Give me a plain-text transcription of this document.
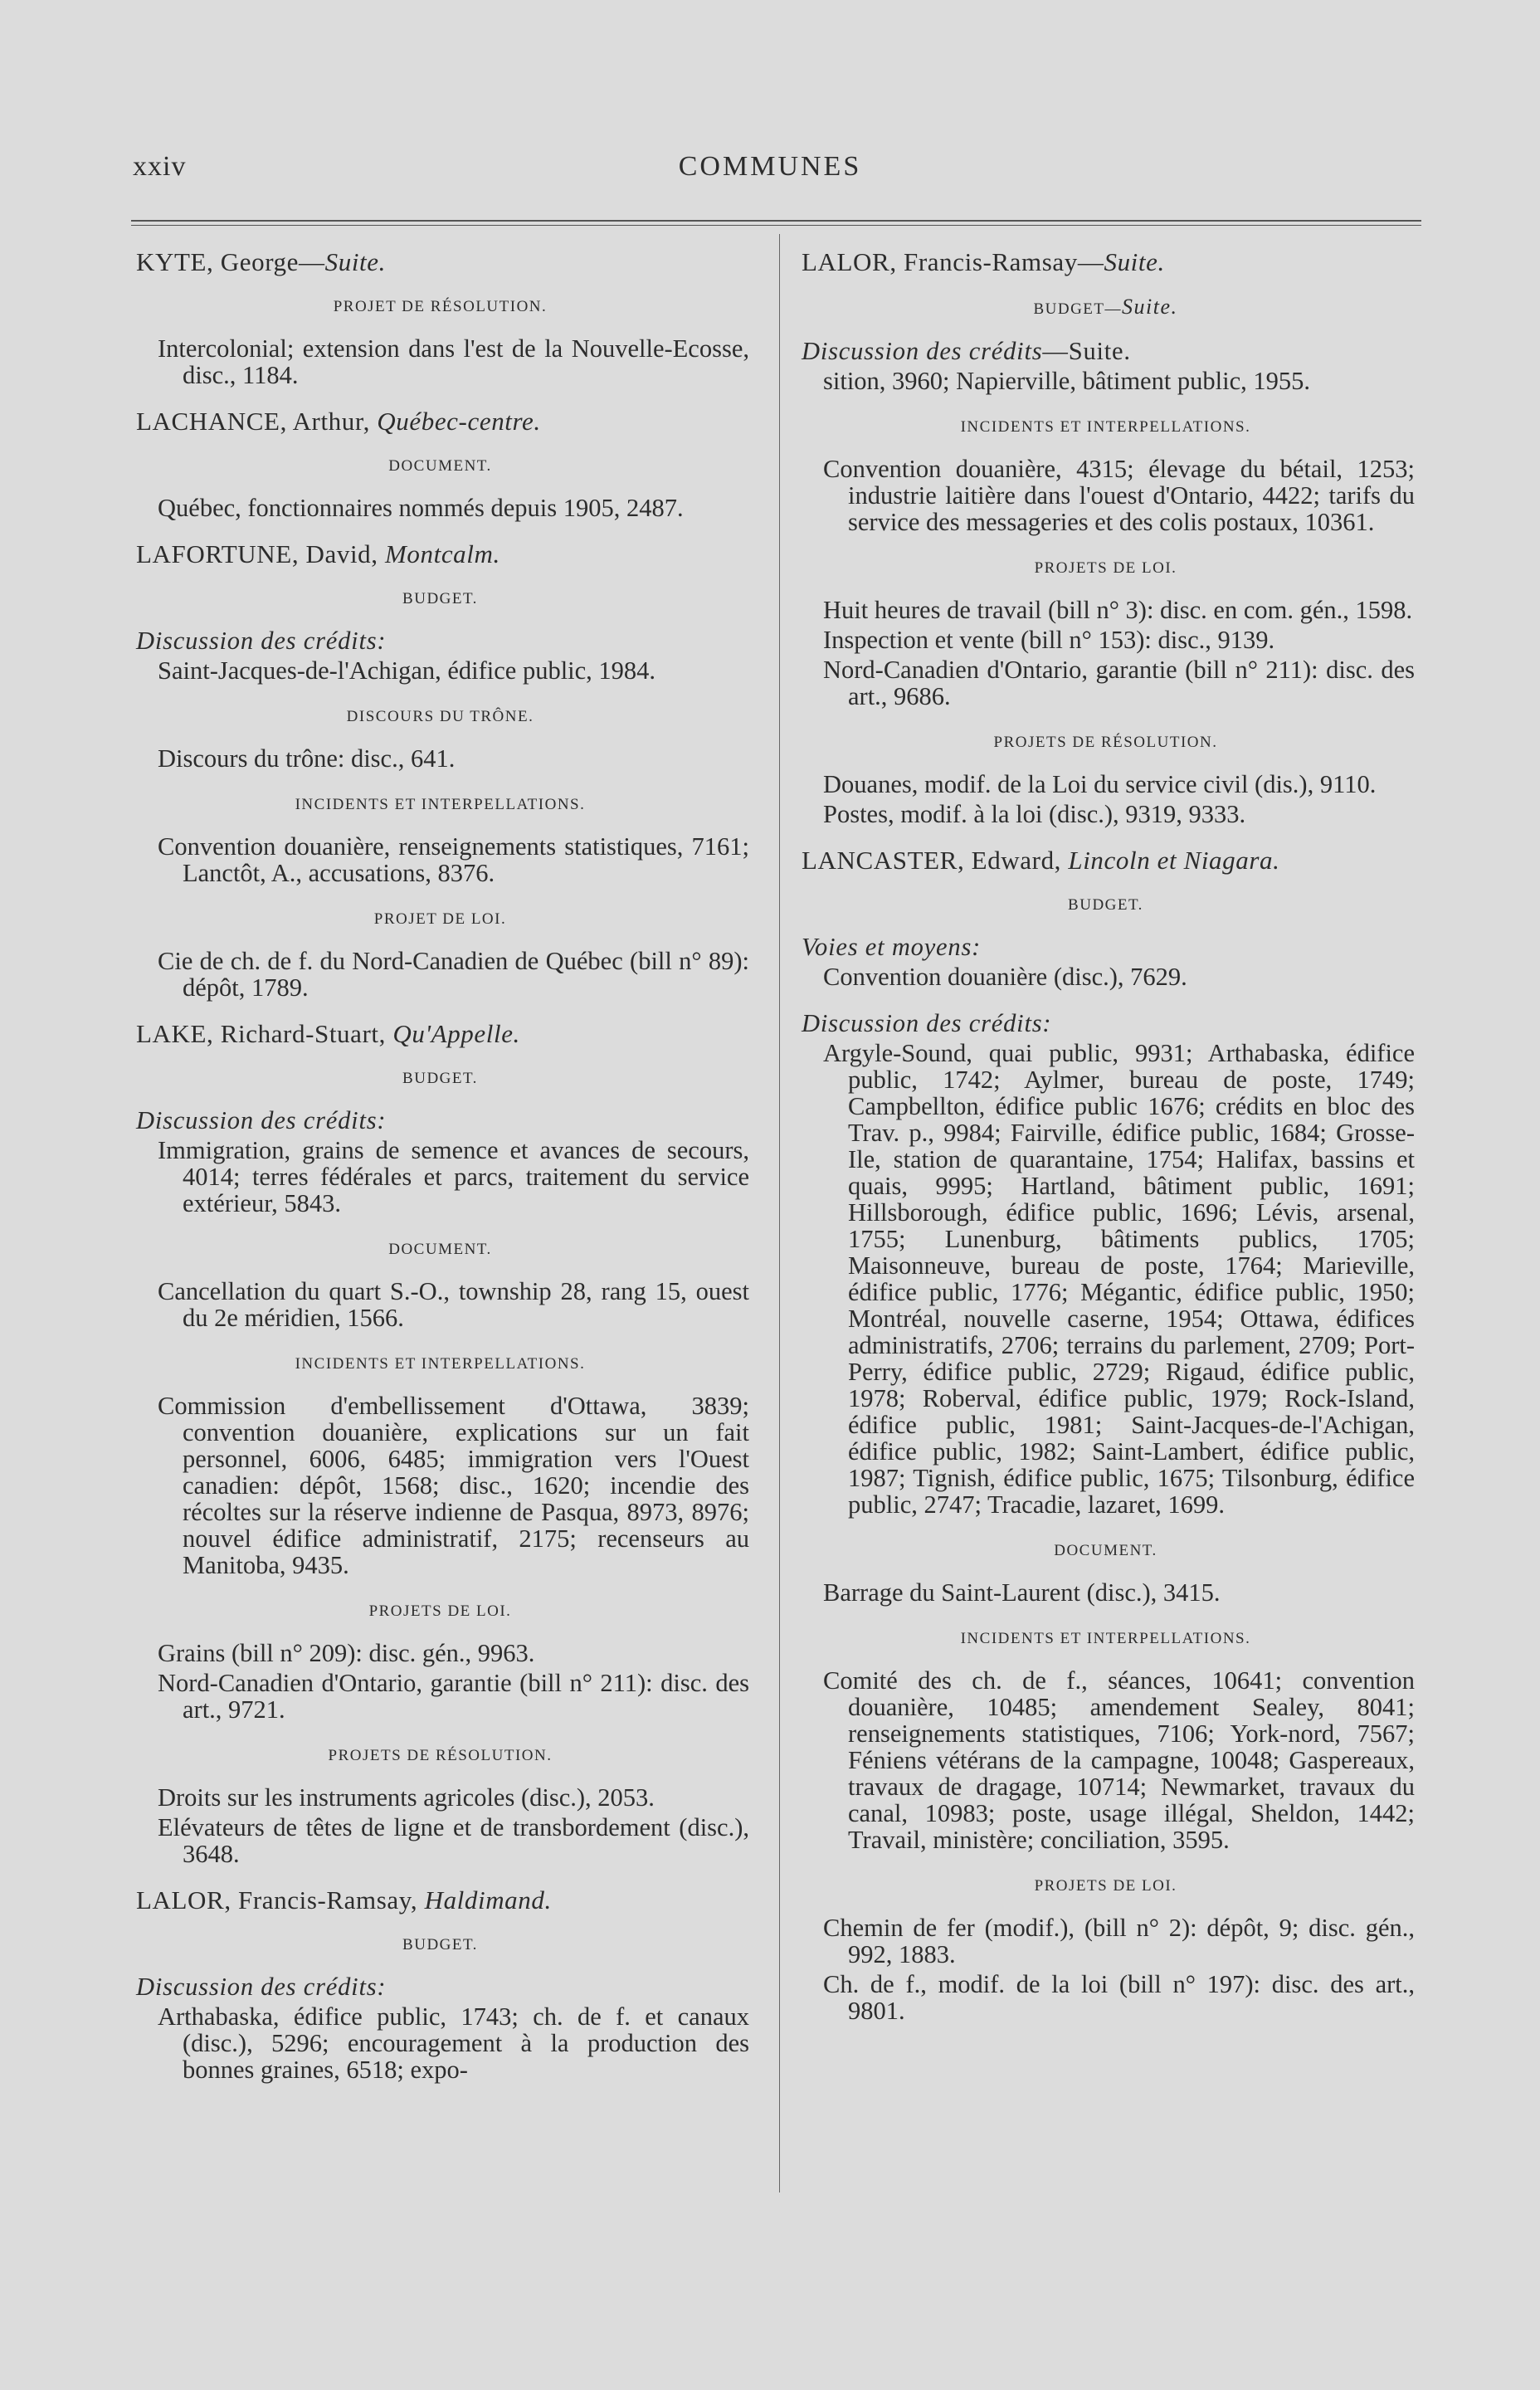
xxiv	COMMUNES
KYTE, George—Suite.
PROJET DE RÉSOLUTION.
Intercolonial; extension dans l'est de la Nouvelle-Ecosse, disc., 1184.
LACHANCE, Arthur, Québec-centre.
DOCUMENT.
Québec, fonctionnaires nommés depuis 1905, 2487.
LAFORTUNE, David, Montcalm.
BUDGET.
Discussion des crédits:
Saint-Jacques-de-l'Achigan, édifice public, 1984.
DISCOURS DU TRÔNE.
Discours du trône: disc., 641.
INCIDENTS ET INTERPELLATIONS.
Convention douanière, renseignements statistiques, 7161; Lanctôt, A., accusations, 8376.
PROJET DE LOI.
Cie de ch. de f. du Nord-Canadien de Québec (bill n° 89): dépôt, 1789.
LAKE, Richard-Stuart, Qu'Appelle.
BUDGET.
Discussion des crédits:
Immigration, grains de semence et avances de secours, 4014; terres fédérales et parcs, traitement du service extérieur, 5843.
DOCUMENT.
Cancellation du quart S.-O., township 28, rang 15, ouest du 2e méridien, 1566.
INCIDENTS ET INTERPELLATIONS.
Commission d'embellissement d'Ottawa, 3839; convention douanière, explications sur un fait personnel, 6006, 6485; immigration vers l'Ouest canadien: dépôt, 1568; disc., 1620; incendie des récoltes sur la réserve indienne de Pasqua, 8973, 8976; nouvel édifice administratif, 2175; recenseurs au Manitoba, 9435.
PROJETS DE LOI.
Grains (bill n° 209): disc. gén., 9963.
Nord-Canadien d'Ontario, garantie (bill n° 211): disc. des art., 9721.
PROJETS DE RÉSOLUTION.
Droits sur les instruments agricoles (disc.), 2053.
Elévateurs de têtes de ligne et de transbordement (disc.), 3648.
LALOR, Francis-Ramsay, Haldimand.
BUDGET.
Discussion des crédits:
Arthabaska, édifice public, 1743; ch. de f. et canaux (disc.), 5296; encouragement à la production des bonnes graines, 6518; expo-
LALOR, Francis-Ramsay—Suite.
BUDGET—Suite.
Discussion des crédits—Suite.
sition, 3960; Napierville, bâtiment public, 1955.
INCIDENTS ET INTERPELLATIONS.
Convention douanière, 4315; élevage du bétail, 1253; industrie laitière dans l'ouest d'Ontario, 4422; tarifs du service des messageries et des colis postaux, 10361.
PROJETS DE LOI.
Huit heures de travail (bill n° 3): disc. en com. gén., 1598.
Inspection et vente (bill n° 153): disc., 9139.
Nord-Canadien d'Ontario, garantie (bill n° 211): disc. des art., 9686.
PROJETS DE RÉSOLUTION.
Douanes, modif. de la Loi du service civil (dis.), 9110.
Postes, modif. à la loi (disc.), 9319, 9333.
LANCASTER, Edward, Lincoln et Niagara.
BUDGET.
Voies et moyens:
Convention douanière (disc.), 7629.
Discussion des crédits:
Argyle-Sound, quai public, 9931; Arthabaska, édifice public, 1742; Aylmer, bureau de poste, 1749; Campbellton, édifice public 1676; crédits en bloc des Trav. p., 9984; Fairville, édifice public, 1684; Grosse-Ile, station de quarantaine, 1754; Halifax, bassins et quais, 9995; Hartland, bâtiment public, 1691; Hillsborough, édifice public, 1696; Lévis, arsenal, 1755; Lunenburg, bâtiments publics, 1705; Maisonneuve, bureau de poste, 1764; Marieville, édifice public, 1776; Mégantic, édifice public, 1950; Montréal, nouvelle caserne, 1954; Ottawa, édifices administratifs, 2706; terrains du parlement, 2709; Port-Perry, édifice public, 2729; Rigaud, édifice public, 1978; Roberval, édifice public, 1979; Rock-Island, édifice public, 1981; Saint-Jacques-de-l'Achigan, édifice public, 1982; Saint-Lambert, édifice public, 1987; Tignish, édifice public, 1675; Tilsonburg, édifice public, 2747; Tracadie, lazaret, 1699.
DOCUMENT.
Barrage du Saint-Laurent (disc.), 3415.
INCIDENTS ET INTERPELLATIONS.
Comité des ch. de f., séances, 10641; convention douanière, 10485; amendement Sealey, 8041; renseignements statistiques, 7106; York-nord, 7567; Féniens vétérans de la campagne, 10048; Gaspereaux, travaux de dragage, 10714; Newmarket, travaux du canal, 10983; poste, usage illégal, Sheldon, 1442; Travail, ministère; conciliation, 3595.
PROJETS DE LOI.
Chemin de fer (modif.), (bill n° 2): dépôt, 9; disc. gén., 992, 1883.
Ch. de f., modif. de la loi (bill n° 197): disc. des art., 9801.
